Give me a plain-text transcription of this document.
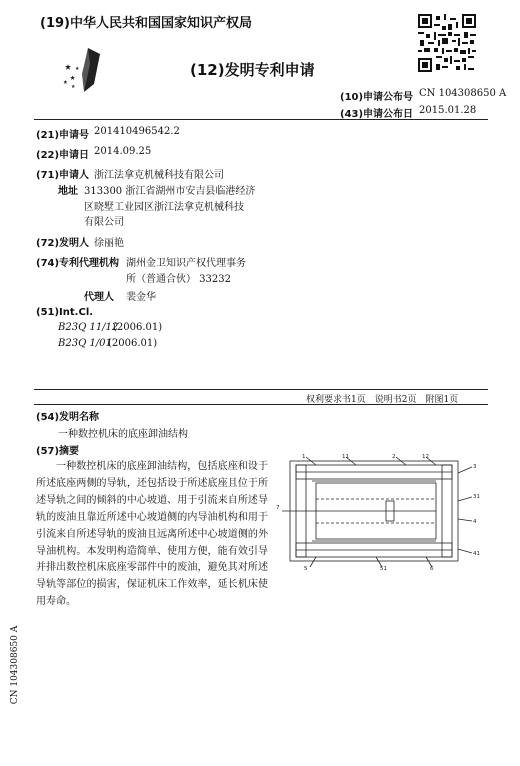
(19)中华人民共和国国家知识产权局
(12)发明专利申请
(10)申请公布号 CN 104308650 A
(43)申请公布日 2015.01.28
(21)申请号 201410496542.2
(22)申请日 2014.09.25
(71)申请人 浙江法拿克机械科技有限公司
地址 313300 浙江省湖州市安吉县临港经济
区晓墅工业园区浙江法拿克机械科技
有限公司
(72)发明人 徐丽艳
(74)专利代理机构 湖州金卫知识产权代理事务
所（普通合伙） 33232
代理人 裴金华
(51)Int.Cl.
B23Q 11/12
(2006.01)
B23Q 1/01
(2006.01)
权利要求书1页　说明书2页　附图1页
(54)发明名称
一种数控机床的底座卸油结构
(57)摘要
一种数控机床的底座卸油结构，包括底座和设于所述底座两侧的导轨，还包括设于所述底座且位于所述导轨之间的倾斜的中心坡道、用于引流来自所述导轨的废油且靠近所述中心坡道侧的内导油机构和用于引流来自所述导轨的废油且远离所述中心坡道侧的外导油机构。本发明构造简单、使用方便，能有效引导并排出数控机床底座零部件中的废油，避免其对所述导轨等部位的损害，保证机床工作效率，延长机床使用寿命。
1	11	2	12
3
31
4
41
5	51	6
7
CN 104308650 A
